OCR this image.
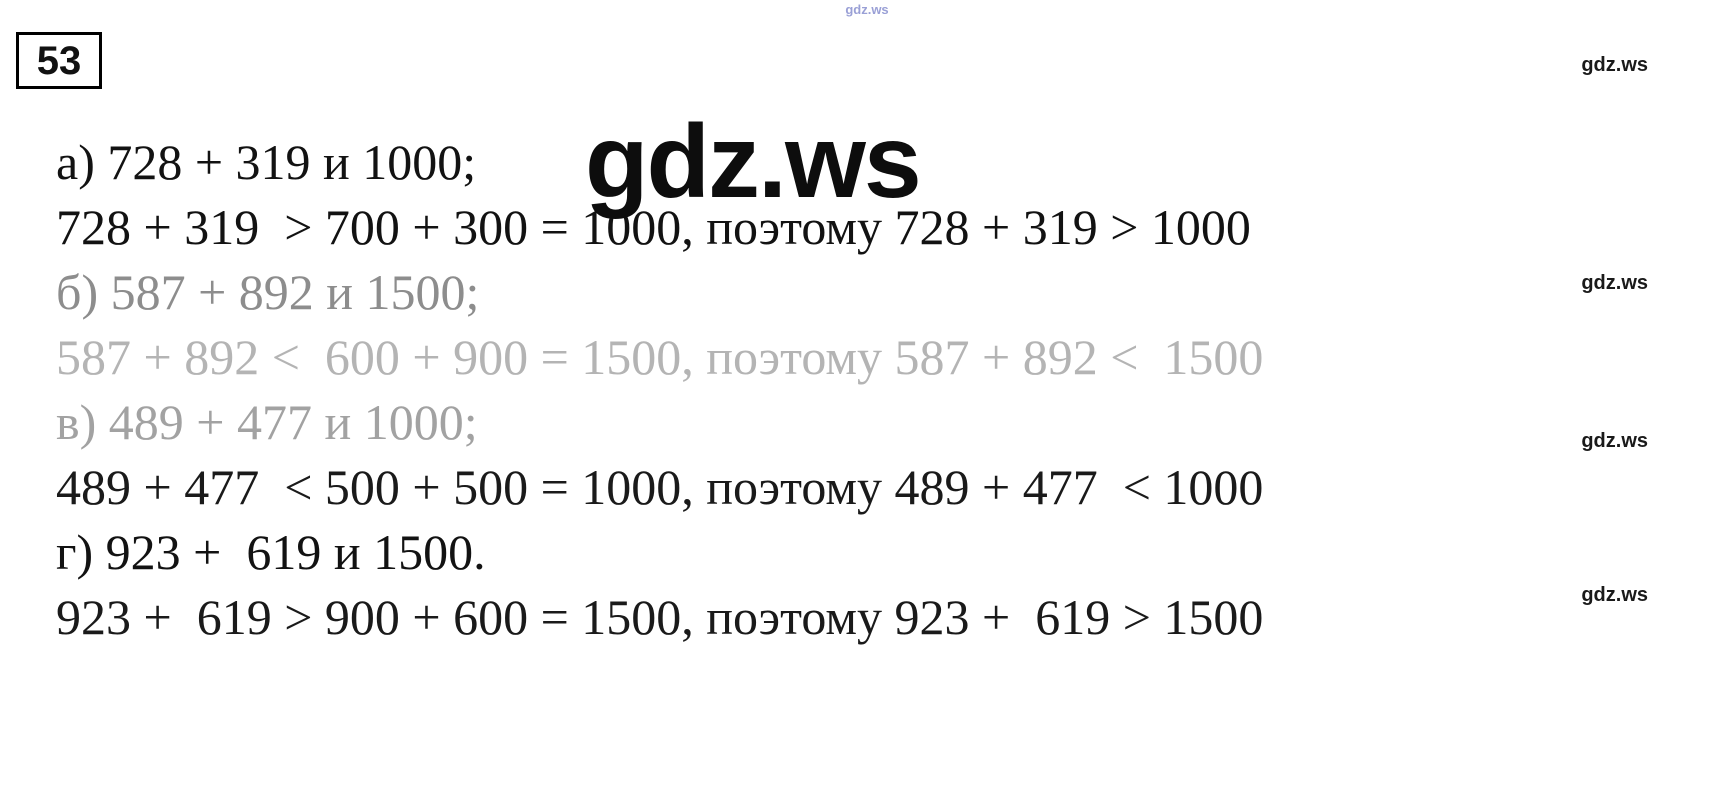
gdz.ws
53	gdz.ws
gdz.ws
gdz.ws
gdz.ws
а) 728 + 319 и 1000;
728 + 319  > 700 + 300 = 1000, поэтому 728 + 319 > 1000
б) 587 + 892 и 1500;
587 + 892 <  600 + 900 = 1500, поэтому 587 + 892 <  1500
в) 489 + 477 и 1000;
489 + 477  < 500 + 500 = 1000, поэтому 489 + 477  < 1000
г) 923 +  619 и 1500.
923 +  619 > 900 + 600 = 1500, поэтому 923 +  619 > 1500
gdz.ws
